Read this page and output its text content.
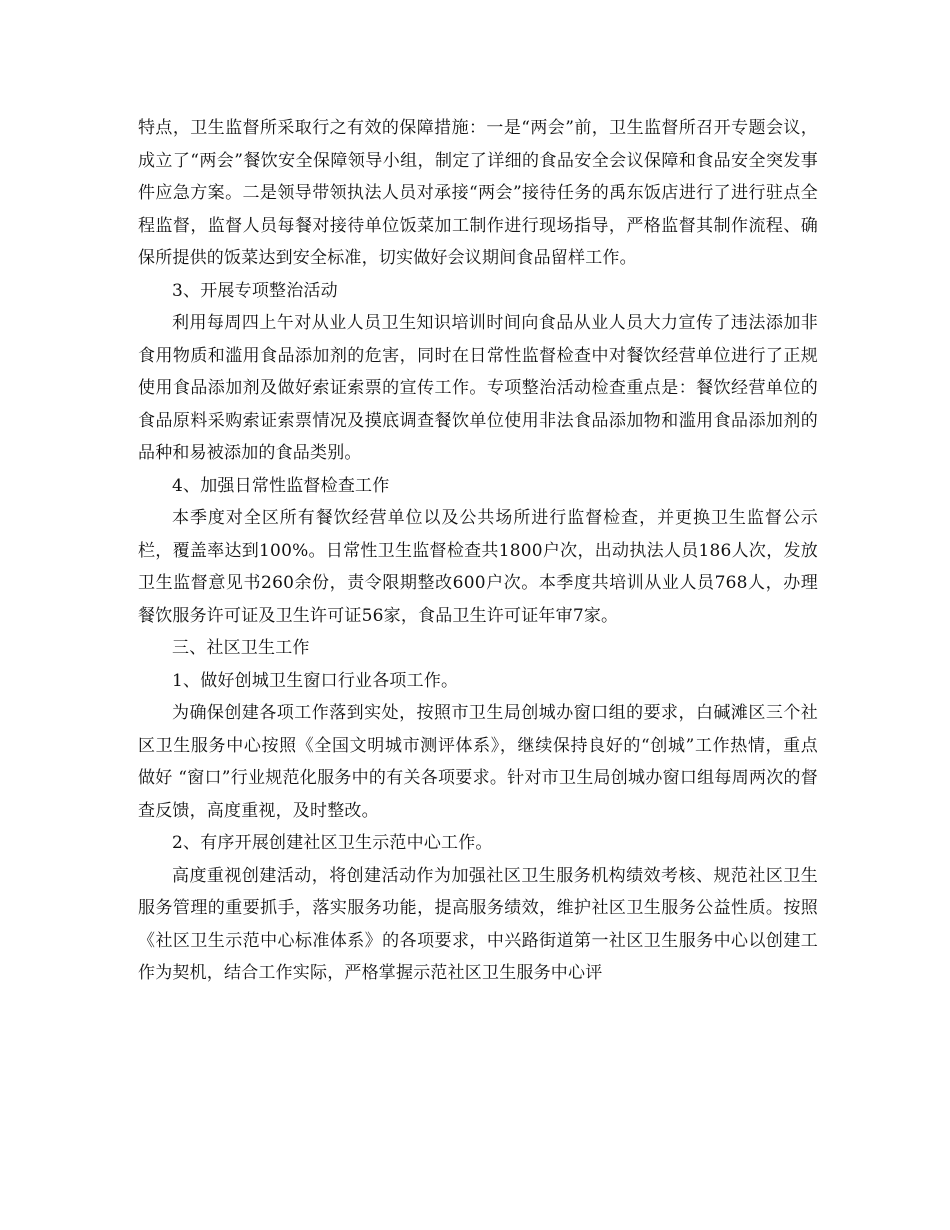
特点，卫生监督所采取行之有效的保障措施：一是“两会”前，卫生监督所召开专题会议，成立了“两会”餐饮安全保障领导小组，制定了详细的食品安全会议保障和食品安全突发事件应急方案。二是领导带领执法人员对承接“两会”接待任务的禹东饭店进行了进行驻点全程监督，监督人员每餐对接待单位饭菜加工制作进行现场指导，严格监督其制作流程、确保所提供的饭菜达到安全标准，切实做好会议期间食品留样工作。

3、开展专项整治活动

利用每周四上午对从业人员卫生知识培训时间向食品从业人员大力宣传了违法添加非食用物质和滥用食品添加剂的危害，同时在日常性监督检查中对餐饮经营单位进行了正规使用食品添加剂及做好索证索票的宣传工作。专项整治活动检查重点是：餐饮经营单位的食品原料采购索证索票情况及摸底调查餐饮单位使用非法食品添加物和滥用食品添加剂的品种和易被添加的食品类别。

4、加强日常性监督检查工作

本季度对全区所有餐饮经营单位以及公共场所进行监督检查，并更换卫生监督公示栏，覆盖率达到100%。日常性卫生监督检查共1800户次，出动执法人员186人次，发放卫生监督意见书260余份，责令限期整改600户次。本季度共培训从业人员768人，办理餐饮服务许可证及卫生许可证56家，食品卫生许可证年审7家。

三、社区卫生工作

1、做好创城卫生窗口行业各项工作。

为确保创建各项工作落到实处，按照市卫生局创城办窗口组的要求，白碱滩区三个社区卫生服务中心按照《全国文明城市测评体系》，继续保持良好的“创城”工作热情，重点做好 “窗口”行业规范化服务中的有关各项要求。针对市卫生局创城办窗口组每周两次的督查反馈，高度重视，及时整改。

2、有序开展创建社区卫生示范中心工作。

高度重视创建活动，将创建活动作为加强社区卫生服务机构绩效考核、规范社区卫生服务管理的重要抓手，落实服务功能，提高服务绩效，维护社区卫生服务公益性质。按照《社区卫生示范中心标准体系》的各项要求，中兴路街道第一社区卫生服务中心以创建工作为契机，结合工作实际，严格掌握示范社区卫生服务中心评
